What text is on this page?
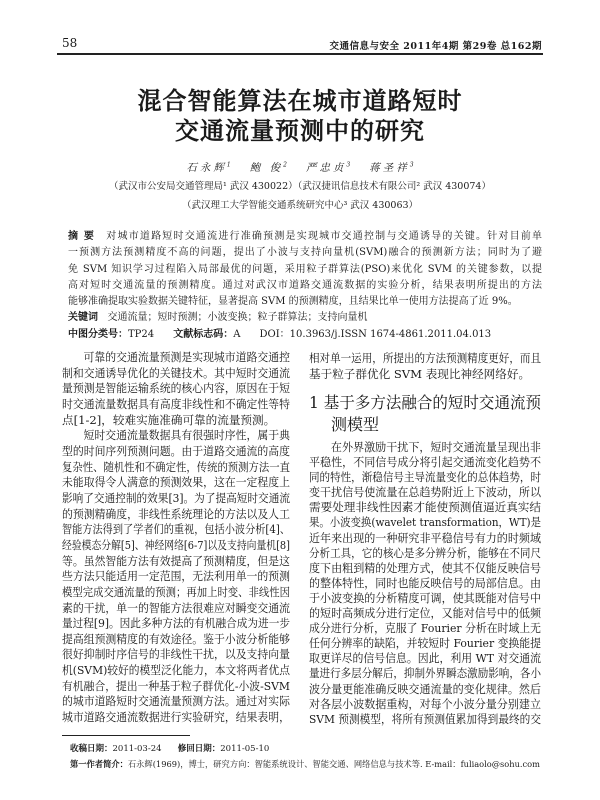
58	交通信息与安全 2011年4期 第29卷 总162期
混合智能算法在城市道路短时
交通流量预测中的研究
石永辉$^1$ 鲍 俊$^2$ 严忠贞$^3$ 蒋圣祥$^3$
（武汉市公安局交通管理局¹ 武汉 430022）（武汉捷讯信息技术有限公司² 武汉 430074）
（武汉理工大学智能交通系统研究中心³ 武汉 430063）
摘 要　 对城市道路短时交通流进行准确预测是实现城市交通控制与交通诱导的关键。针对目前单
一预测方法预测精度不高的问题，提出了小波与支持向量机(SVM)融合的预测新方法；同时为了避
免 SVM 知识学习过程陷入局部最优的问题，采用粒子群算法(PSO)来优化 SVM 的关键参数，以提
高对短时交通流量的预测精度。通过对武汉市道路交通流数据的实验分析，结果表明所提出的方法
能够准确提取实验数据关键特征，显著提高 SVM 的预测精度，且结果比单一使用方法提高了近 9%。
关键词 交通流量；短时预测；小波变换；粒子群算法；支持向量机
中图分类号：TP24 文献标志码：A DOI：10.3963/j.ISSN 1674-4861.2011.04.013
可靠的交通流量预测是实现城市道路交通控
制和交通诱导优化的关键技术。其中短时交通流
量预测是智能运输系统的核心内容，原因在于短
时交通流量数据具有高度非线性和不确定性等特
点[1-2]，较难实施准确可靠的流量预测。
短时交通流量数据具有很强时序性，属于典
型的时间序列预测问题。由于道路交通流的高度
复杂性、随机性和不确定性，传统的预测方法一直
未能取得令人满意的预测效果，这在一定程度上
影响了交通控制的效果[3]。为了提高短时交通流
的预测精确度，非线性系统理论的方法以及人工
智能方法得到了学者们的重视，包括小波分析[4]、
经验模态分解[5]、神经网络[6-7]以及支持向量机[8]
等。虽然智能方法有效提高了预测精度，但是这
些方法只能适用一定范围，无法利用单一的预测
模型完成交通流量的预测；再加上时变、非线性因
素的干扰，单一的智能方法很难应对瞬变交通流
量过程[9]。因此多种方法的有机融合成为进一步
提高组预测精度的有效途径。鉴于小波分析能够
很好抑制时序信号的非线性干扰，以及支持向量
机(SVM)较好的模型泛化能力，本文将两者优点
有机融合，提出一种基于粒子群优化-小波-SVM
的城市道路短时交通流量预测方法。通过对实际
城市道路交通流数据进行实验研究，结果表明，
相对单一运用，所提出的方法预测精度更好，而且
基于粒子群优化 SVM 表现比神经网络好。
1 基于多方法融合的短时交通流预
测模型
在外界激励干扰下，短时交通流量呈现出非
平稳性，不同信号成分将引起交通流变化趋势不
同的特性，渐稳信号主导流量变化的总体趋势，时
变干扰信号使流量在总趋势附近上下波动，所以
需要处理非线性因素才能使预测值逼近真实结
果。小波变换(wavelet transformation，WT)是
近年来出现的一种研究非平稳信号有力的时频域
分析工具，它的核心是多分辨分析，能够在不同尺
度下由粗到精的处理方式，使其不仅能反映信号
的整体特性，同时也能反映信号的局部信息。由
于小波变换的分析精度可调，使其既能对信号中
的短时高频成分进行定位，又能对信号中的低频
成分进行分析，克服了 Fourier 分析在时域上无
任何分辨率的缺陷，并较短时 Fourier 变换能提
取更详尽的信号信息。因此，利用 WT 对交通流
量进行多层分解后，抑制外界瞬态激励影响，各小
波分量更能准确反映交通流量的变化规律。然后
对各层小波数据重构，对每个小波分量分别建立
SVM 预测模型，将所有预测值累加得到最终的交
收稿日期：2011-03-24 修回日期：2011-05-10
第一作者简介：石永辉(1969)，博士，研究方向：智能系统设计、智能交通、网络信息与技术等. E-mail：fuliaolo@sohu.com
